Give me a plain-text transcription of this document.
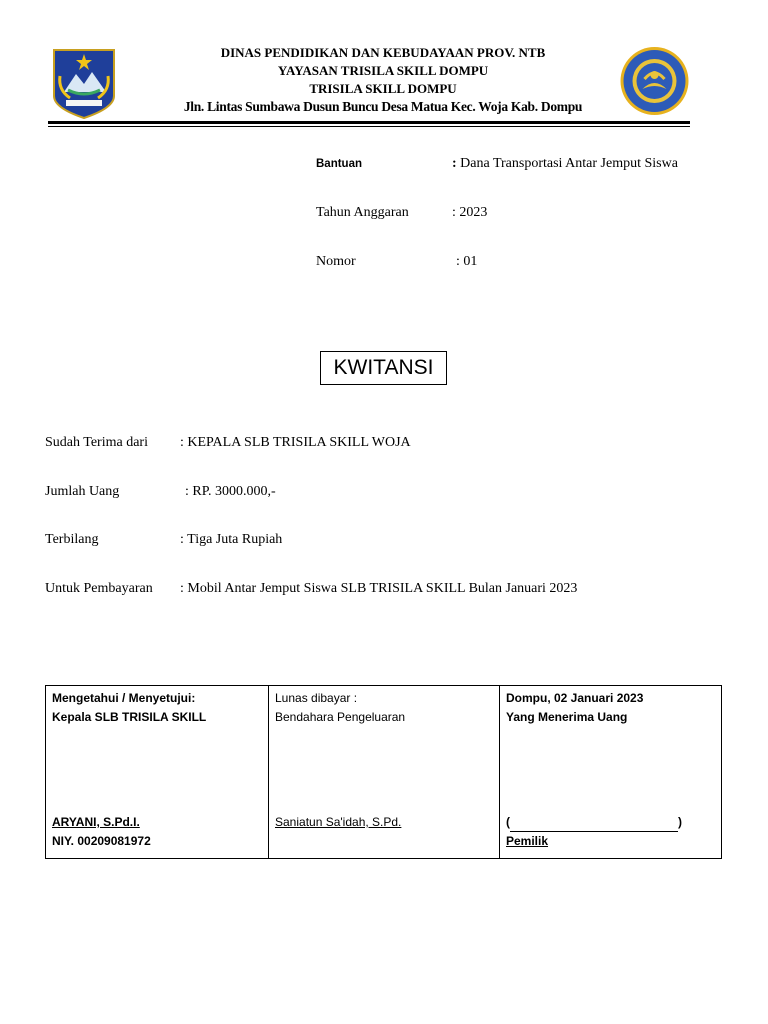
DINAS PENDIDIKAN DAN KEBUDAYAAN PROV. NTB
YAYASAN TRISILA SKILL DOMPU
TRISILA SKILL DOMPU
Jln. Lintas Sumbawa Dusun Buncu Desa Matua Kec. Woja Kab. Dompu
Bantuan	: Dana Transportasi Antar Jemput Siswa
Tahun Anggaran	: 2023
Nomor	: 01
KWITANSI
Sudah Terima dari : KEPALA SLB TRISILA SKILL WOJA
Jumlah Uang	: RP. 3000.000,-
Terbilang	: Tiga Juta Rupiah
Untuk Pembayaran : Mobil Antar Jemput Siswa SLB TRISILA SKILL Bulan Januari 2023
Mengetahui / Menyetujui:
Kepala SLB TRISILA SKILL
ARYANI, S.Pd.I.
NIY. 00209081972

Lunas dibayar :
Bendahara Pengeluaran
Saniatun Sa'idah, S.Pd.

Dompu, 02 Januari 2023
Yang Menerima Uang
(	)
Pemilik
